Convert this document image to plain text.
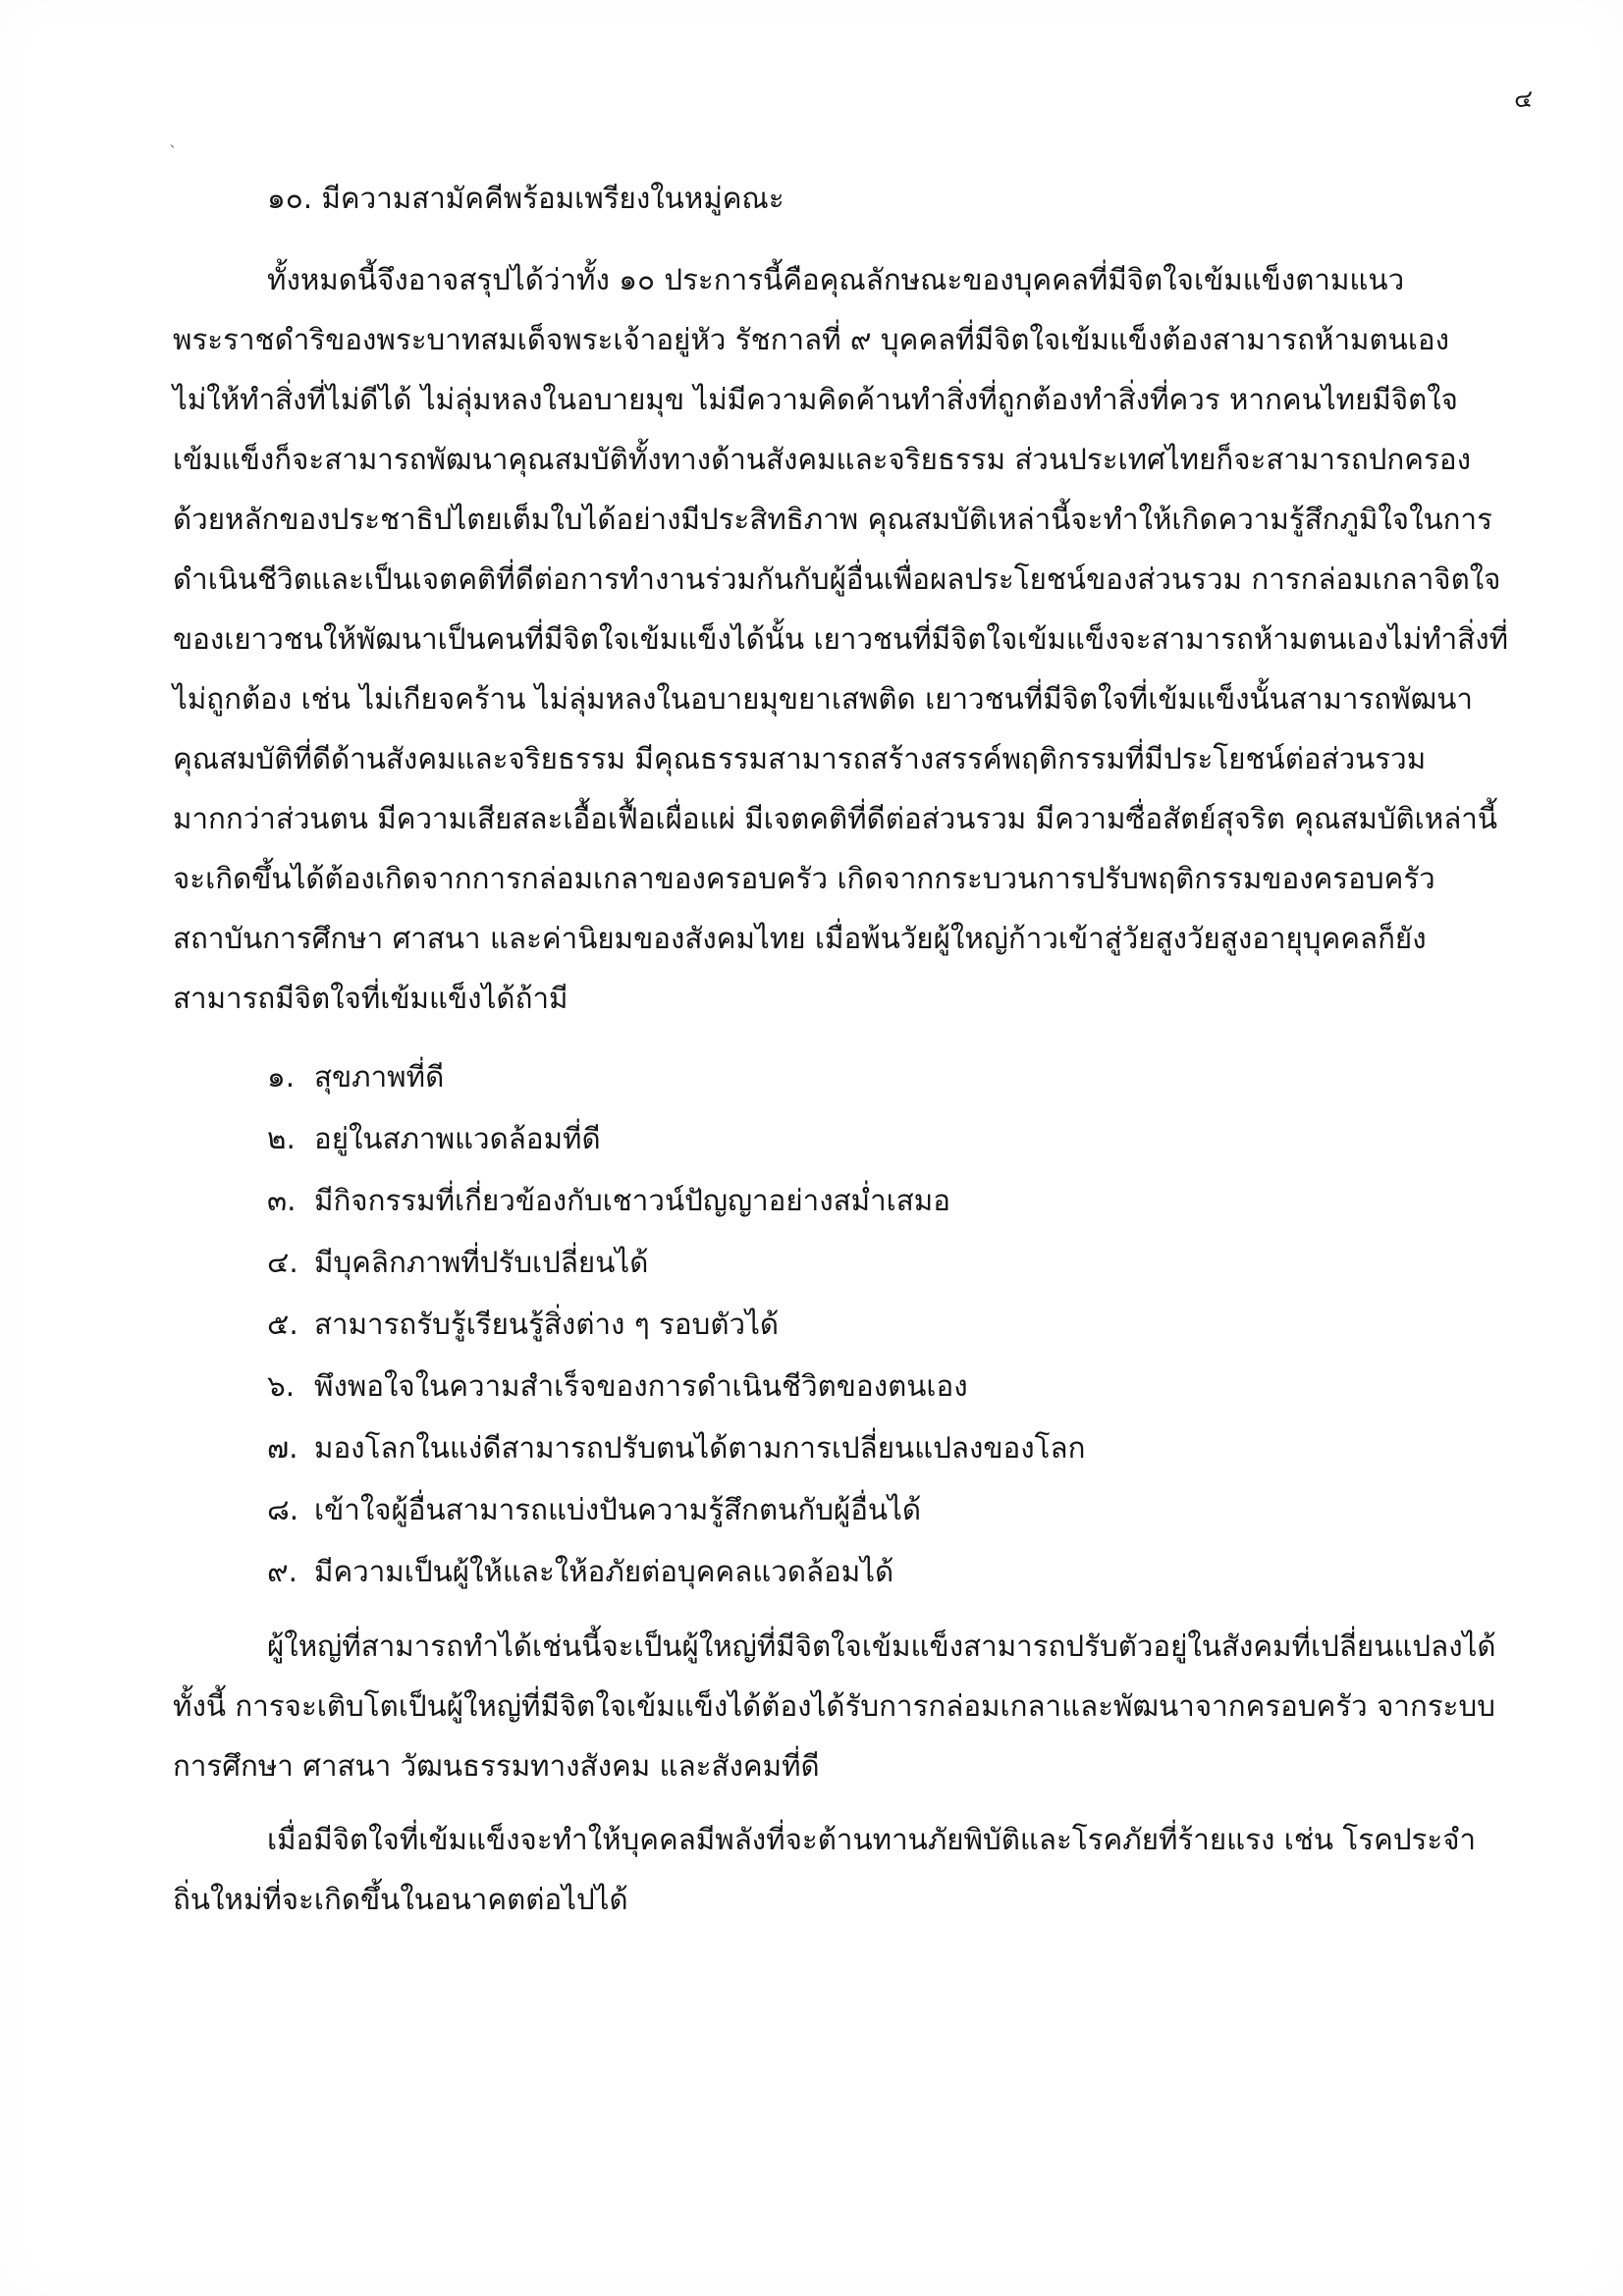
`
๔
๑๐. มีความสามัคคีพร้อมเพรียงในหมู่คณะ
ทั้งหมดนี้จึงอาจสรุปได้ว่าทั้ง ๑๐ ประการนี้คือคุณลักษณะของบุคคลที่มีจิตใจเข้มแข็งตามแนว
พระราชดำริของพระบาทสมเด็จพระเจ้าอยู่หัว รัชกาลที่ ๙ บุคคลที่มีจิตใจเข้มแข็งต้องสามารถห้ามตนเอง
ไม่ให้ทำสิ่งที่ไม่ดีได้ ไม่ลุ่มหลงในอบายมุข ไม่มีความคิดค้านทำสิ่งที่ถูกต้องทำสิ่งที่ควร หากคนไทยมีจิตใจ
เข้มแข็งก็จะสามารถพัฒนาคุณสมบัติทั้งทางด้านสังคมและจริยธรรม ส่วนประเทศไทยก็จะสามารถปกครอง
ด้วยหลักของประชาธิปไตยเต็มใบได้อย่างมีประสิทธิภาพ คุณสมบัติเหล่านี้จะทำให้เกิดความรู้สึกภูมิใจในการ
ดำเนินชีวิตและเป็นเจตคติที่ดีต่อการทำงานร่วมกันกับผู้อื่นเพื่อผลประโยชน์ของส่วนรวม การกล่อมเกลาจิตใจ
ของเยาวชนให้พัฒนาเป็นคนที่มีจิตใจเข้มแข็งได้นั้น เยาวชนที่มีจิตใจเข้มแข็งจะสามารถห้ามตนเองไม่ทำสิ่งที่
ไม่ถูกต้อง เช่น ไม่เกียจคร้าน ไม่ลุ่มหลงในอบายมุขยาเสพติด เยาวชนที่มีจิตใจที่เข้มแข็งนั้นสามารถพัฒนา
คุณสมบัติที่ดีด้านสังคมและจริยธรรม มีคุณธรรมสามารถสร้างสรรค์พฤติกรรมที่มีประโยชน์ต่อส่วนรวม
มากกว่าส่วนตน มีความเสียสละเอื้อเฟื้อเผื่อแผ่ มีเจตคติที่ดีต่อส่วนรวม มีความซื่อสัตย์สุจริต คุณสมบัติเหล่านี้
จะเกิดขึ้นได้ต้องเกิดจากการกล่อมเกลาของครอบครัว เกิดจากกระบวนการปรับพฤติกรรมของครอบครัว
สถาบันการศึกษา ศาสนา และค่านิยมของสังคมไทย เมื่อพ้นวัยผู้ใหญ่ก้าวเข้าสู่วัยสูงวัยสูงอายุบุคคลก็ยัง
สามารถมีจิตใจที่เข้มแข็งได้ถ้ามี
๑. สุขภาพที่ดี
๒. อยู่ในสภาพแวดล้อมที่ดี
๓. มีกิจกรรมที่เกี่ยวข้องกับเชาวน์ปัญญาอย่างสม่ำเสมอ
๔. มีบุคลิกภาพที่ปรับเปลี่ยนได้
๕. สามารถรับรู้เรียนรู้สิ่งต่าง ๆ รอบตัวได้
๖. พึงพอใจในความสำเร็จของการดำเนินชีวิตของตนเอง
๗. มองโลกในแง่ดีสามารถปรับตนได้ตามการเปลี่ยนแปลงของโลก
๘. เข้าใจผู้อื่นสามารถแบ่งปันความรู้สึกตนกับผู้อื่นได้
๙. มีความเป็นผู้ให้และให้อภัยต่อบุคคลแวดล้อมได้
ผู้ใหญ่ที่สามารถทำได้เช่นนี้จะเป็นผู้ใหญ่ที่มีจิตใจเข้มแข็งสามารถปรับตัวอยู่ในสังคมที่เปลี่ยนแปลงได้
ทั้งนี้ การจะเติบโตเป็นผู้ใหญ่ที่มีจิตใจเข้มแข็งได้ต้องได้รับการกล่อมเกลาและพัฒนาจากครอบครัว จากระบบ
การศึกษา ศาสนา วัฒนธรรมทางสังคม และสังคมที่ดี
เมื่อมีจิตใจที่เข้มแข็งจะทำให้บุคคลมีพลังที่จะต้านทานภัยพิบัติและโรคภัยที่ร้ายแรง เช่น โรคประจำ
ถิ่นใหม่ที่จะเกิดขึ้นในอนาคตต่อไปได้
